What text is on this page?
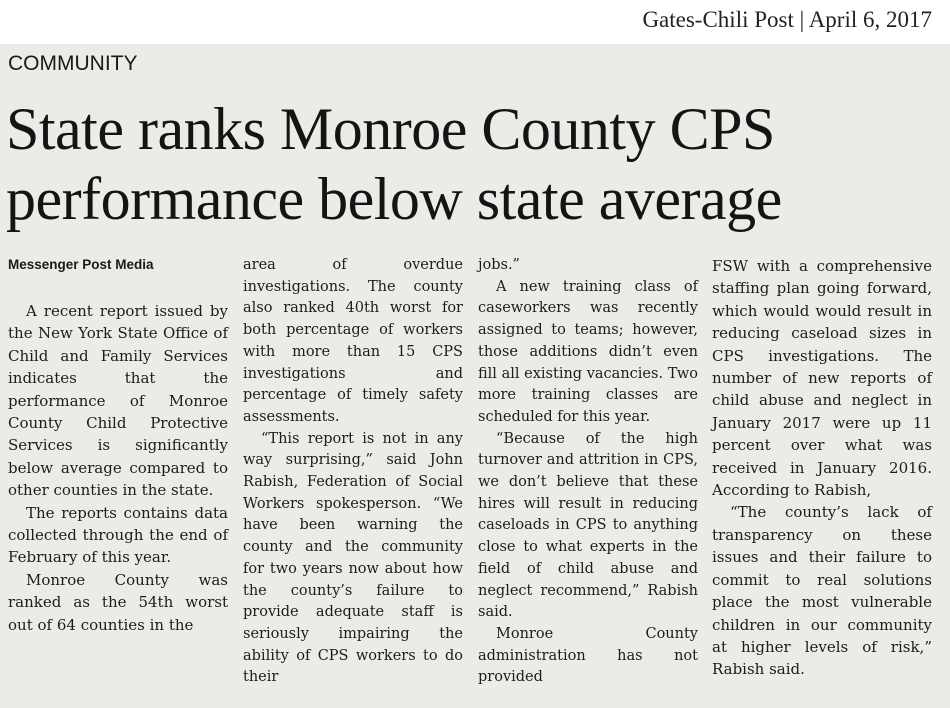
Gates-Chili Post | April 6, 2017
COMMUNITY
State ranks Monroe County CPS
performance below state average
Messenger Post Media

A recent report issued by the New York State Office of Child and Family Services indicates that the performance of Monroe County Child Protective Services is significantly below average compared to other counties in the state.

The reports contains data collected through the end of February of this year.

Monroe County was ranked as the 54th worst out of 64 counties in the

area of overdue investigations. The county also ranked 40th worst for both percentage of workers with more than 15 CPS investigations and percentage of timely safety assessments.

“This report is not in any way surprising,” said John Rabish, Federation of Social Workers spokesperson. “We have been warning the county and the community for two years now about how the county’s failure to provide adequate staff is seriously impairing the ability of CPS workers to do their

jobs.”

A new training class of caseworkers was recently assigned to teams; however, those additions didn’t even fill all existing vacancies. Two more training classes are scheduled for this year.

“Because of the high turnover and attrition in CPS, we don’t believe that these hires will result in reducing caseloads in CPS to anything close to what experts in the field of child abuse and neglect recommend,” Rabish said.

Monroe County administration has not provided

FSW with a comprehensive staffing plan going forward, which would would result in reducing caseload sizes in CPS investigations. The number of new reports of child abuse and neglect in January 2017 were up 11 percent over what was received in January 2016. According to Rabish,

“The county’s lack of transparency on these issues and their failure to commit to real solutions place the most vulnerable children in our community at higher levels of risk,” Rabish said.
